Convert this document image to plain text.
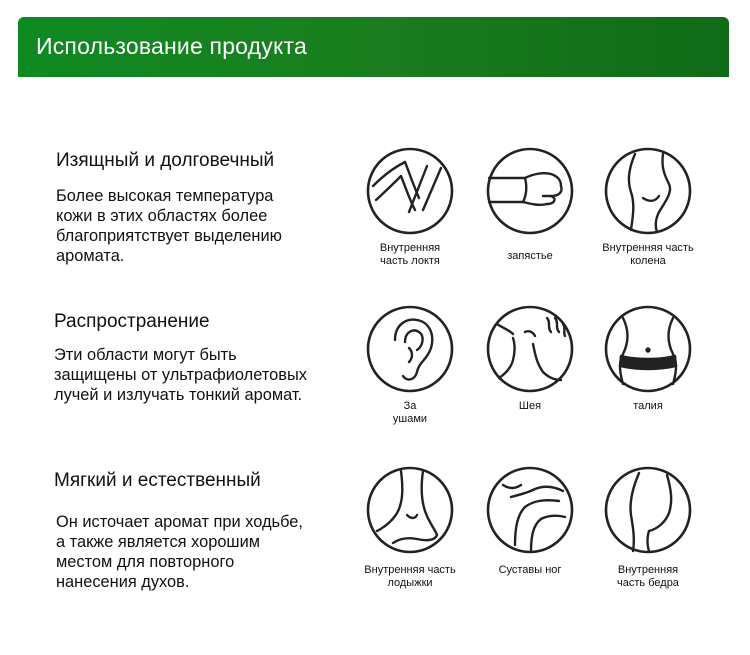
Использование продукта
Изящный и долговечный
Более высокая температура
кожи в этих областях более
благоприятствует выделению
аромата.	Внутренняя
часть локтя	запястье
Внутренняя часть
колена
Распространение
Эти области могут быть
защищены от ультрафиолетовых
лучей и излучать тонкий аромат.
За
ушами
Шея	талия
Мягкий и естественный
Он источает аромат при ходьбе,
а также является хорошим
местом для повторного
нанесения духов.
Внутренняя часть
лодыжки
Суставы ног	Внутренняя
часть бедра
